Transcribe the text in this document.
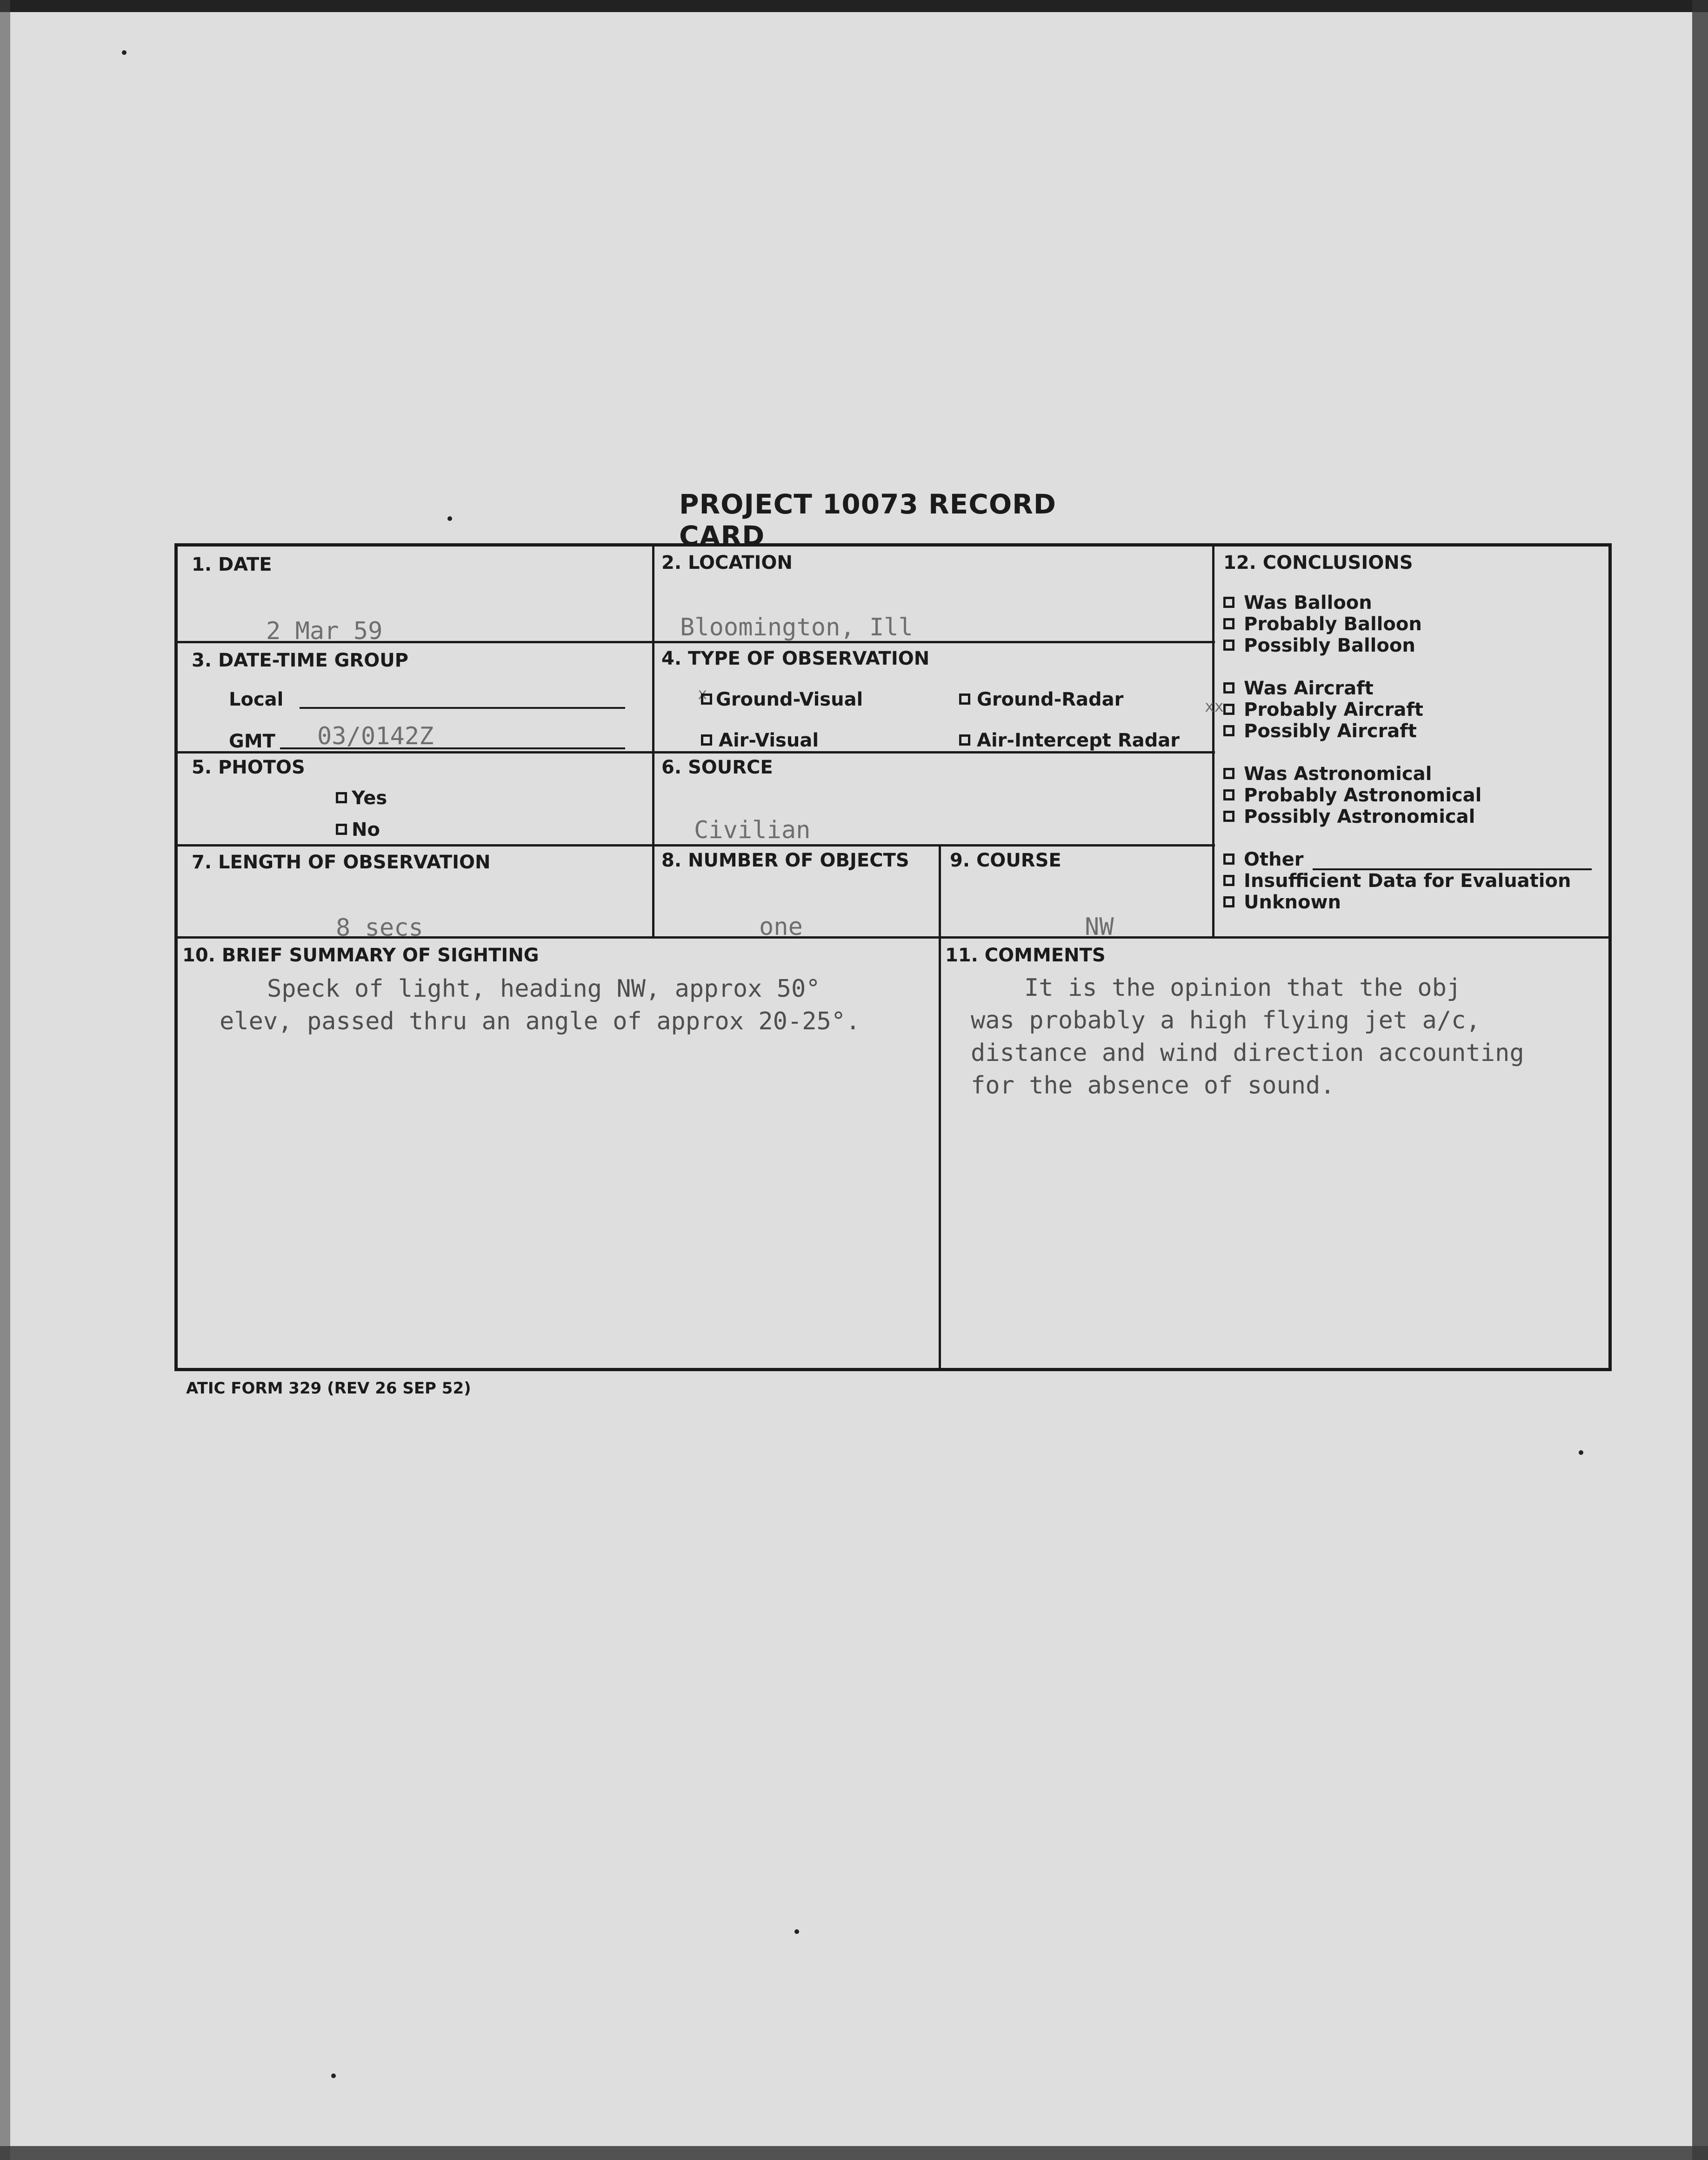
PROJECT 10073 RECORD CARD
1. DATE
2 Mar 59
2. LOCATION
Bloomington, Ill
3. DATE-TIME GROUP
Local
GMT 03/0142Z
4. TYPE OF OBSERVATION
x Ground-Visual	Ground-Radar
Air-Visual	Air-Intercept Radar
5. PHOTOS
Yes
No
6. SOURCE
Civilian
7. LENGTH OF OBSERVATION
8 secs
8. NUMBER OF OBJECTS
one
9. COURSE
NW
10. BRIEF SUMMARY OF SIGHTING
Speck of light, heading NW, approx 50°
elev, passed thru an angle of approx 20-25°.
11. COMMENTS
It is the opinion that the obj
was probably a high flying jet a/c,
distance and wind direction accounting
for the absence of sound.
12. CONCLUSIONS
Was Balloon
Probably Balloon
Possibly Balloon
Was Aircraft
xx	Probably Aircraft
Possibly Aircraft
Was Astronomical
Probably Astronomical
Possibly Astronomical
Other
Insufficient Data for Evaluation
Unknown
ATIC FORM 329 (REV 26 SEP 52)
